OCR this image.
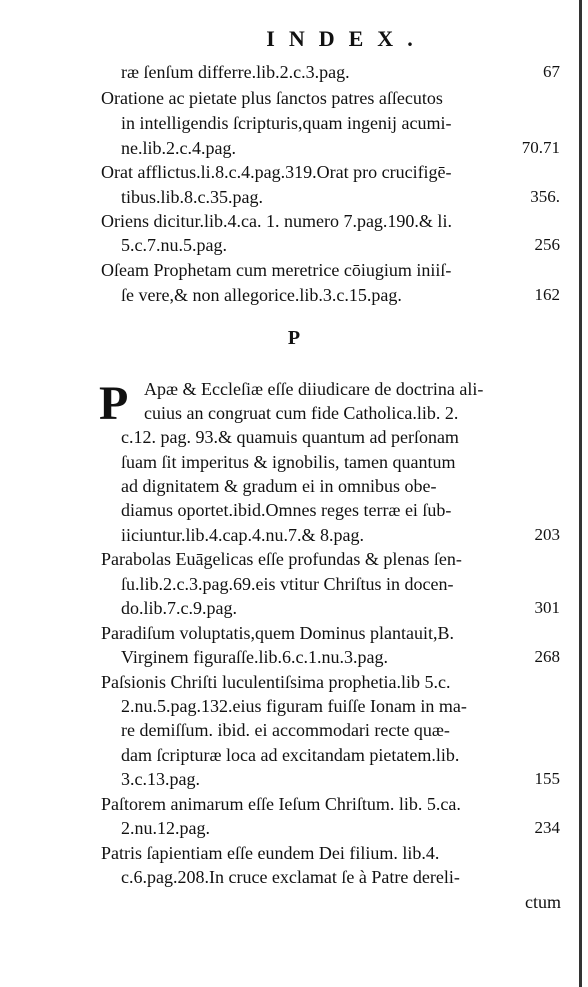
INDEX.
ræ ſenſum differre.lib.2.c.3.pag.	67
Oratione ac pietate plus ſanctos patres aſſecutos
in intelligendis ſcripturis,quam ingenij acumi-
ne.lib.2.c.4.pag.	70.71
Orat afflictus.li.8.c.4.pag.319.Orat pro crucifigē-
tibus.lib.8.c.35.pag.	356.
Oriens dicitur.lib.4.ca. 1. numero 7.pag.190.& li.
5.c.7.nu.5.pag.	256
Oſeam Prophetam cum meretrice cōiugium iniiſ-
ſe vere,& non allegorice.lib.3.c.15.pag.	162
P
P Apæ & Eccleſiæ eſſe diiudicare de doctrina ali-
cuius an congruat cum fide Catholica.lib. 2.
c.12. pag. 93.& quamuis quantum ad perſonam
ſuam ſit imperitus & ignobilis, tamen quantum
ad dignitatem & gradum ei in omnibus obe-
diamus oportet.ibid.Omnes reges terræ ei ſub-
iiciuntur.lib.4.cap.4.nu.7.& 8.pag.	203
Parabolas Euāgelicas eſſe profundas & plenas ſen-
ſu.lib.2.c.3.pag.69.eis vtitur Chriſtus in docen-
do.lib.7.c.9.pag.	301
Paradiſum voluptatis,quem Dominus plantauit,B.
Virginem figuraſſe.lib.6.c.1.nu.3.pag.	268
Paſsionis Chriſti luculentiſsima prophetia.lib 5.c.
2.nu.5.pag.132.eius figuram fuiſſe Ionam in ma-
re demiſſum. ibid. ei accommodari recte quæ-
dam ſcripturæ loca ad excitandam pietatem.lib.
3.c.13.pag.	155
Paſtorem animarum eſſe Ieſum Chriſtum. lib. 5.ca.
2.nu.12.pag.	234
Patris ſapientiam eſſe eundem Dei filium. lib.4.
c.6.pag.208.In cruce exclamat ſe à Patre dereli-
ctum
